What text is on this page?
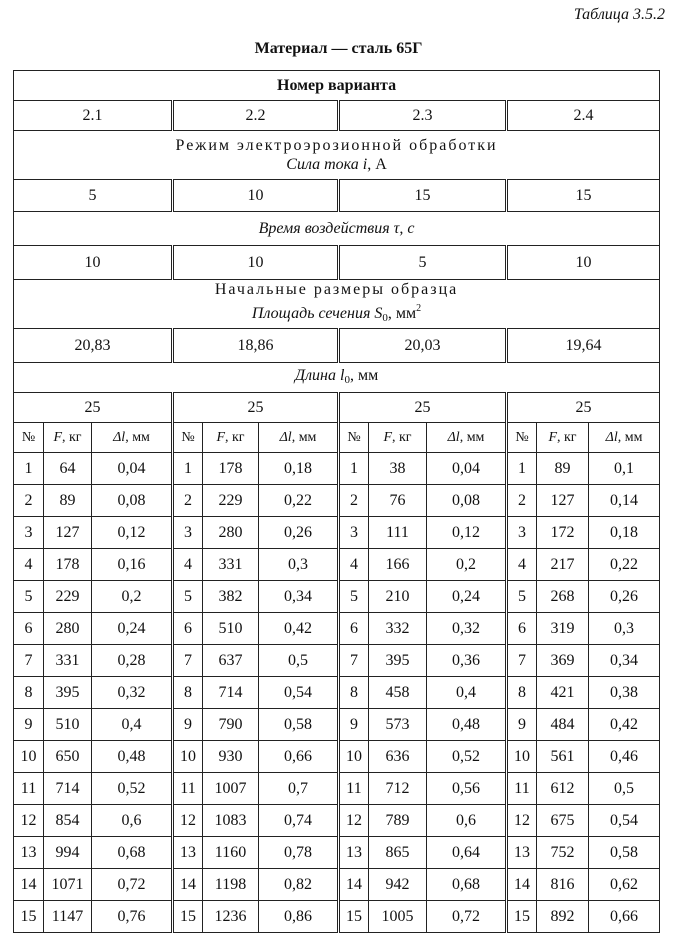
Таблица 3.5.2
Материал — сталь 65Г
Номер варианта											
2.1			2.2			2.3			2.4		

Режим электроэрозионной обработки
Сила тока i, А											

5			10			15			15		

Время воздействия τ, с											

10			10			5			10		

Начальные размеры образца
Площадь сечения $S_0$, $мм^2$

20,83			18,86			20,03			19,64		

Длина $l_0$, мм											

25			25			25			25		
№	F, кг	Δl, мм	№	F, кг	Δl, мм	№	F, кг	Δl, мм	№	F, кг	Δl, мм
1	64	0,04	1	178	0,18	1	38	0,04	1	89	0,1
2	89	0,08	2	229	0,22	2	76	0,08	2	127	0,14
3	127	0,12	3	280	0,26	3	111	0,12	3	172	0,18
4	178	0,16	4	331	0,3	4	166	0,2	4	217	0,22
5	229	0,2	5	382	0,34	5	210	0,24	5	268	0,26
6	280	0,24	6	510	0,42	6	332	0,32	6	319	0,3
7	331	0,28	7	637	0,5	7	395	0,36	7	369	0,34
8	395	0,32	8	714	0,54	8	458	0,4	8	421	0,38
9	510	0,4	9	790	0,58	9	573	0,48	9	484	0,42
10	650	0,48	10	930	0,66	10	636	0,52	10	561	0,46
11	714	0,52	11	1007	0,7	11	712	0,56	11	612	0,5
12	854	0,6	12	1083	0,74	12	789	0,6	12	675	0,54
13	994	0,68	13	1160	0,78	13	865	0,64	13	752	0,58
14	1071	0,72	14	1198	0,82	14	942	0,68	14	816	0,62
15	1147	0,76	15	1236	0,86	15	1005	0,72	15	892	0,66
